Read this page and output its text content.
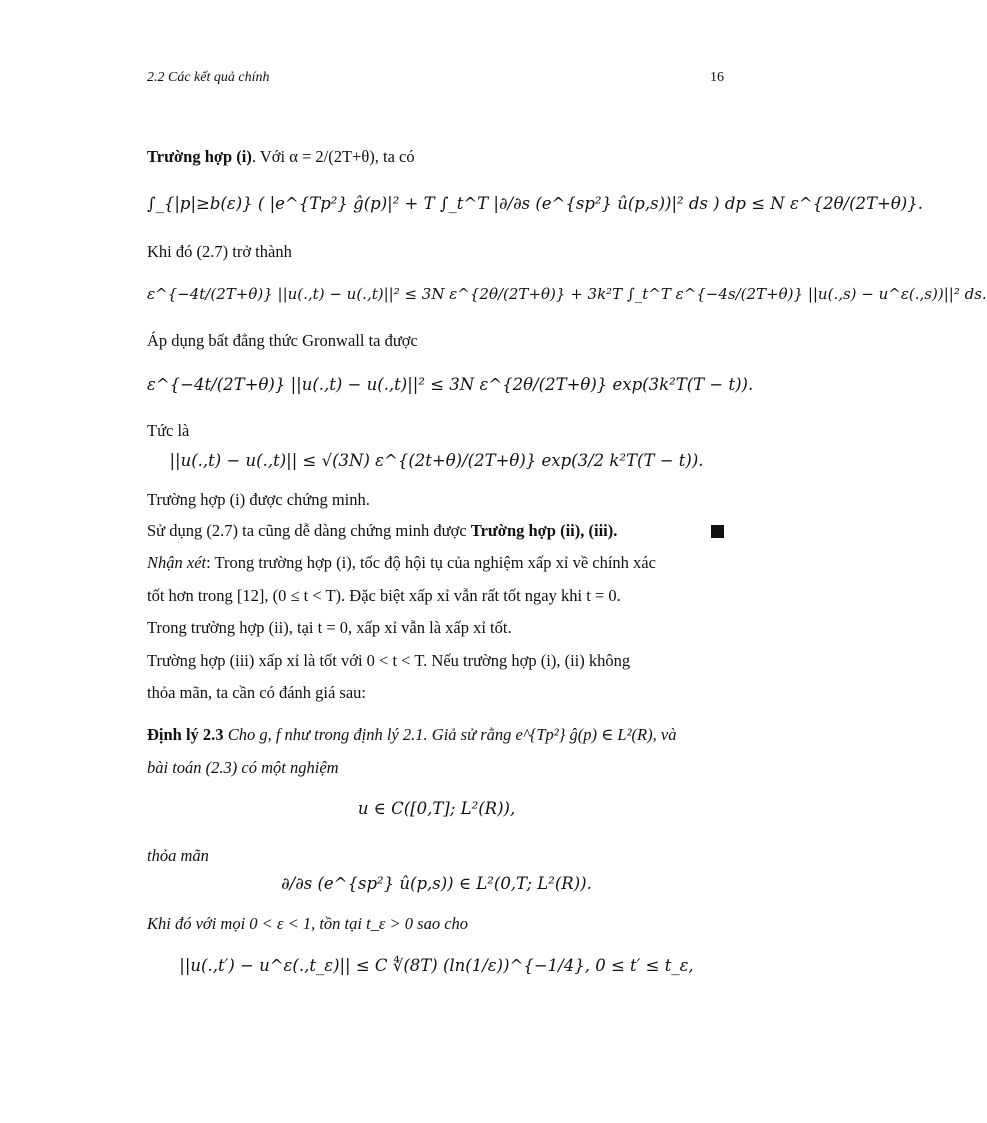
2.2 Các kết quả chính	16
Trường hợp (i). Với α = 2/(2T+θ), ta có
∫_{|p|≥b(ε)} ( |e^{Tp²} ĝ(p)|² + T ∫_t^T |∂/∂s (e^{sp²} û(p,s))|² ds ) dp ≤ N ε^{2θ/(2T+θ)}.
Khi đó (2.7) trở thành
ε^{−4t/(2T+θ)} ||u(.,t) − u(.,t)||² ≤ 3N ε^{2θ/(2T+θ)} + 3k²T ∫_t^T ε^{−4s/(2T+θ)} ||u(.,s) − u^ε(.,s))||² ds.
Áp dụng bất đẳng thức Gronwall ta được
ε^{−4t/(2T+θ)} ||u(.,t) − u(.,t)||² ≤ 3N ε^{2θ/(2T+θ)} exp(3k²T(T − t)).
Tức là
||u(.,t) − u(.,t)|| ≤ √(3N) ε^{(2t+θ)/(2T+θ)} exp(3/2 k²T(T − t)).
Trường hợp (i) được chứng minh.
Sử dụng (2.7) ta cũng dễ dàng chứng minh được Trường hợp (ii), (iii).
Nhận xét: Trong trường hợp (i), tốc độ hội tụ của nghiệm xấp xỉ về chính xác
tốt hơn trong [12], (0 ≤ t < T). Đặc biệt xấp xỉ vẫn rất tốt ngay khi t = 0.
Trong trường hợp (ii), tại t = 0, xấp xỉ vẫn là xấp xỉ tốt.
Trường hợp (iii) xấp xỉ là tốt với 0 < t < T. Nếu trường hợp (i), (ii) không
thỏa mãn, ta cần có đánh giá sau:
Định lý 2.3 Cho g, f như trong định lý 2.1. Giả sử rằng e^{Tp²} ĝ(p) ∈ L²(R), và
bài toán (2.3) có một nghiệm
u ∈ C([0,T]; L²(R)),
thỏa mãn
∂/∂s (e^{sp²} û(p,s)) ∈ L²(0,T; L²(R)).
Khi đó với mọi 0 < ε < 1, tồn tại t_ε > 0 sao cho
||u(.,t′) − u^ε(.,t_ε)|| ≤ C ∜(8T) (ln(1/ε))^{−1/4}, 0 ≤ t′ ≤ t_ε,
